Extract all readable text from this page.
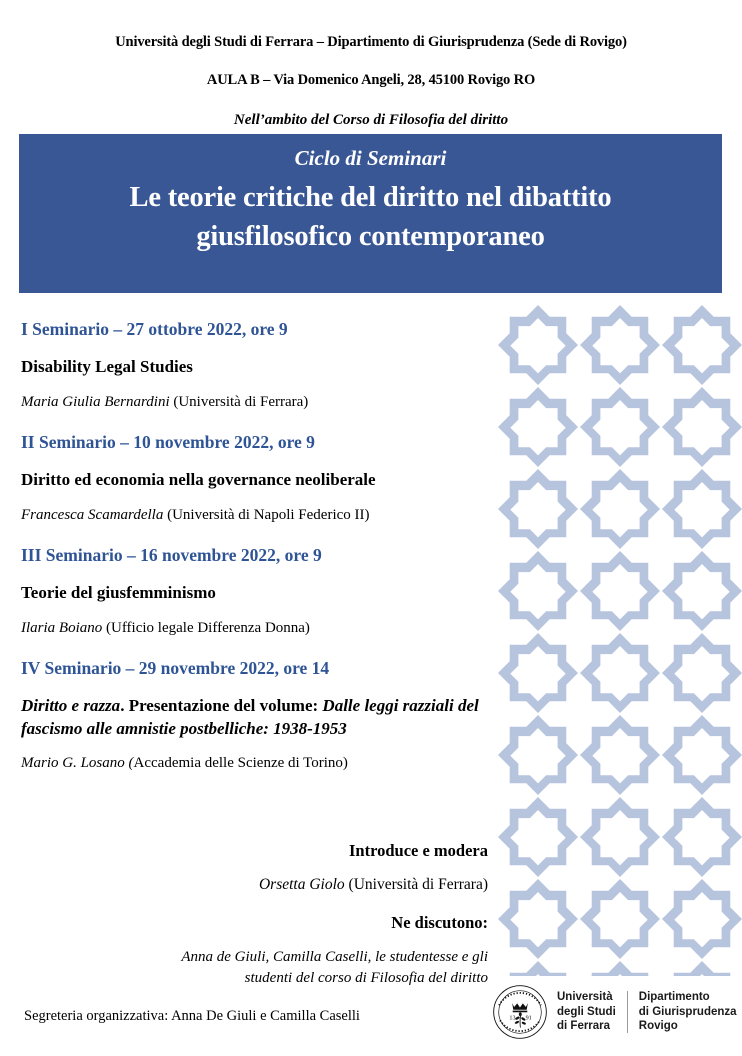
Università degli Studi di Ferrara – Dipartimento di Giurisprudenza (Sede di Rovigo)
AULA B – Via Domenico Angeli, 28, 45100 Rovigo RO
Nell’ambito del Corso di Filosofia del diritto
Ciclo di Seminari
Le teorie critiche del diritto nel dibattito
giusfilosofico contemporaneo
I Seminario – 27 ottobre 2022, ore 9
Disability Legal Studies
Maria Giulia Bernardini (Università di Ferrara)
II Seminario – 10 novembre 2022, ore 9
Diritto ed economia nella governance neoliberale
Francesca Scamardella (Università di Napoli Federico II)
III Seminario – 16 novembre 2022, ore 9
Teorie del giusfemminismo
Ilaria Boiano (Ufficio legale Differenza Donna)
IV Seminario – 29 novembre 2022, ore 14
Diritto e razza. Presentazione del volume: Dalle leggi razziali del fascismo alle amnistie postbelliche: 1938-1953
Mario G. Losano (Accademia delle Scienze di Torino)
Introduce e modera
Orsetta Giolo (Università di Ferrara)
Ne discutono:
Anna de Giuli, Camilla Caselli, le studentesse e gli
studenti del corso di Filosofia del diritto
Segreteria organizzativa: Anna De Giuli e Camilla Caselli	13 91
Università
degli Studi
di Ferrara
Dipartimento
di Giurisprudenza
Rovigo
